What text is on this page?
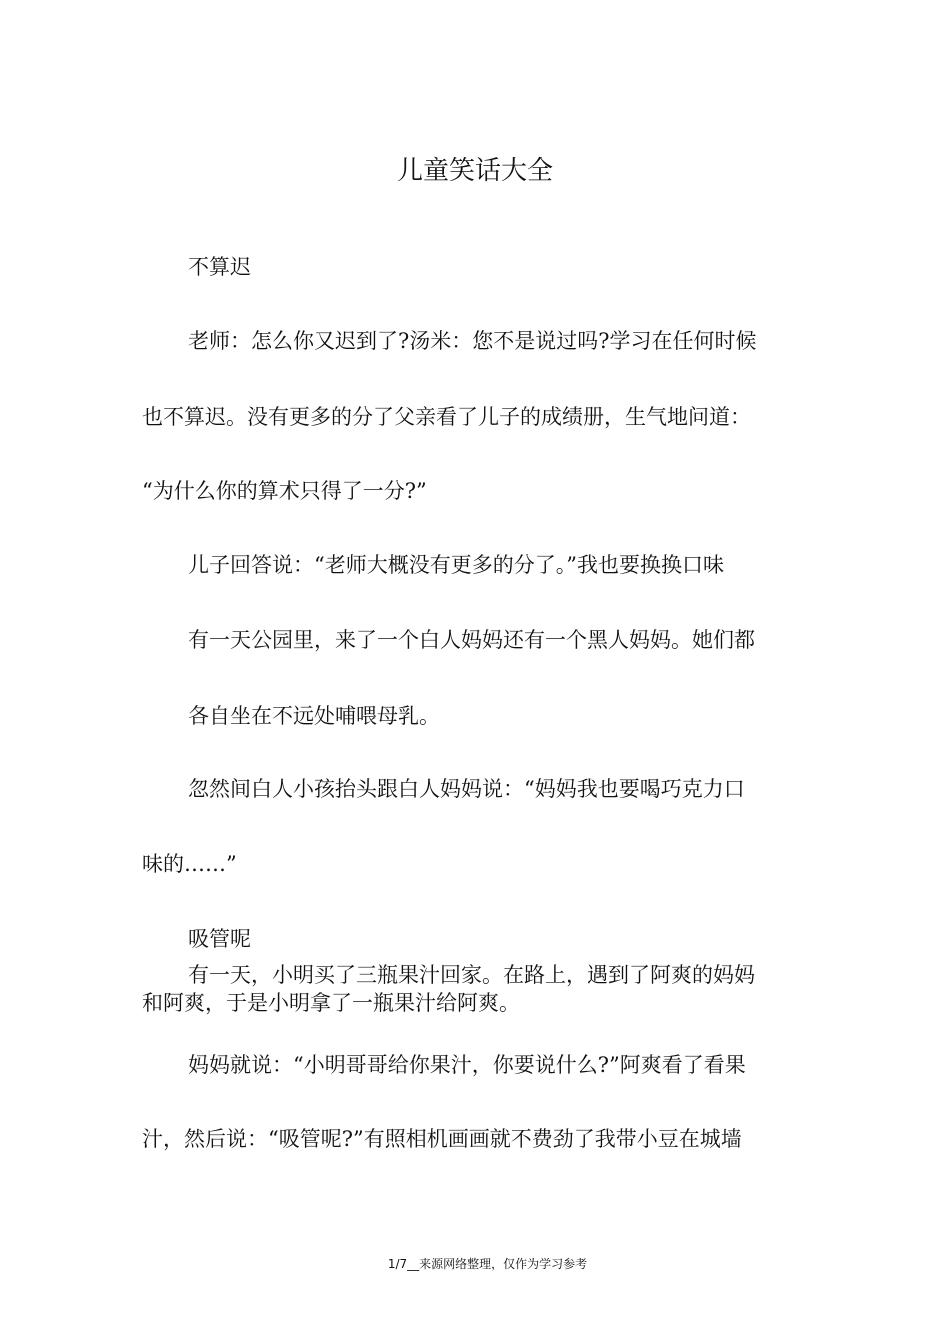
儿童笑话大全

不算迟

老师：怎么你又迟到了?汤米：您不是说过吗?学习在任何时候

也不算迟。没有更多的分了父亲看了儿子的成绩册，生气地问道：

“为什么你的算术只得了一分?”

儿子回答说：“老师大概没有更多的分了。”我也要换换口味

有一天公园里，来了一个白人妈妈还有一个黑人妈妈。她们都

各自坐在不远处哺喂母乳。

忽然间白人小孩抬头跟白人妈妈说：“妈妈我也要喝巧克力口

味的……”

吸管呢

有一天，小明买了三瓶果汁回家。在路上，遇到了阿爽的妈妈

和阿爽，于是小明拿了一瓶果汁给阿爽。

妈妈就说：“小明哥哥给你果汁，你要说什么?”阿爽看了看果

汁，然后说：“吸管呢?”有照相机画画就不费劲了我带小豆在城墙

1/7__来源网络整理，仅作为学习参考
